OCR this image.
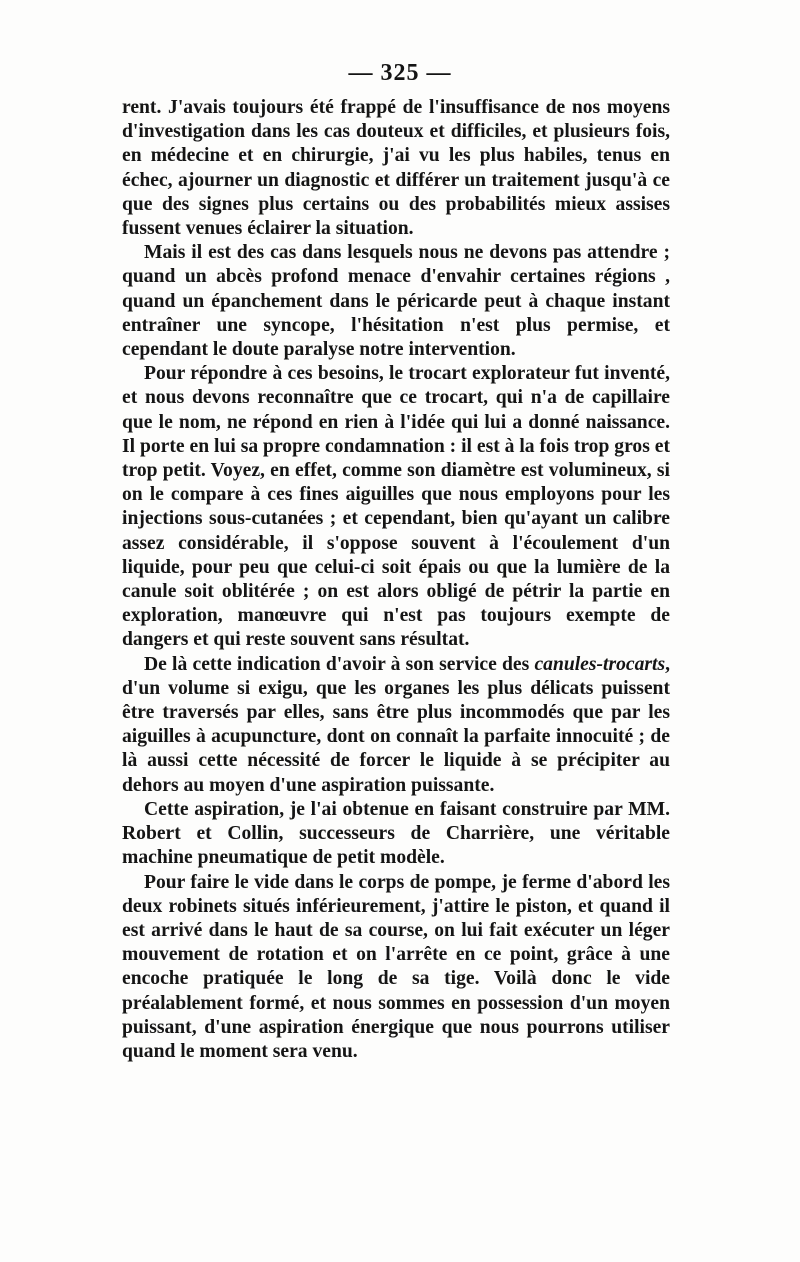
— 325 —

rent. J'avais toujours été frappé de l'insuffisance de nos moyens d'investigation dans les cas douteux et difficiles, et plusieurs fois, en médecine et en chirurgie, j'ai vu les plus habiles, tenus en échec, ajourner un diagnostic et différer un traitement jusqu'à ce que des signes plus certains ou des probabilités mieux assises fussent venues éclairer la situation.

Mais il est des cas dans lesquels nous ne devons pas attendre ; quand un abcès profond menace d'envahir certaines régions , quand un épanchement dans le péricarde peut à chaque instant entraîner une syncope, l'hésitation n'est plus permise, et cependant le doute paralyse notre intervention.

Pour répondre à ces besoins, le trocart explorateur fut inventé, et nous devons reconnaître que ce trocart, qui n'a de capillaire que le nom, ne répond en rien à l'idée qui lui a donné naissance. Il porte en lui sa propre condamnation : il est à la fois trop gros et trop petit. Voyez, en effet, comme son diamètre est volumineux, si on le compare à ces fines aiguilles que nous employons pour les injections sous-cutanées ; et cependant, bien qu'ayant un calibre assez considérable, il s'oppose souvent à l'écoulement d'un liquide, pour peu que celui-ci soit épais ou que la lumière de la canule soit oblitérée ; on est alors obligé de pétrir la partie en exploration, manœuvre qui n'est pas toujours exempte de dangers et qui reste souvent sans résultat.

De là cette indication d'avoir à son service des canules-trocarts, d'un volume si exigu, que les organes les plus délicats puissent être traversés par elles, sans être plus incommodés que par les aiguilles à acupuncture, dont on connaît la parfaite innocuité ; de là aussi cette nécessité de forcer le liquide à se précipiter au dehors au moyen d'une aspiration puissante.

Cette aspiration, je l'ai obtenue en faisant construire par MM. Robert et Collin, successeurs de Charrière, une véritable machine pneumatique de petit modèle.

Pour faire le vide dans le corps de pompe, je ferme d'abord les deux robinets situés inférieurement, j'attire le piston, et quand il est arrivé dans le haut de sa course, on lui fait exécuter un léger mouvement de rotation et on l'arrête en ce point, grâce à une encoche pratiquée le long de sa tige. Voilà donc le vide préalablement formé, et nous sommes en possession d'un moyen puissant, d'une aspiration énergique que nous pourrons utiliser quand le moment sera venu.
